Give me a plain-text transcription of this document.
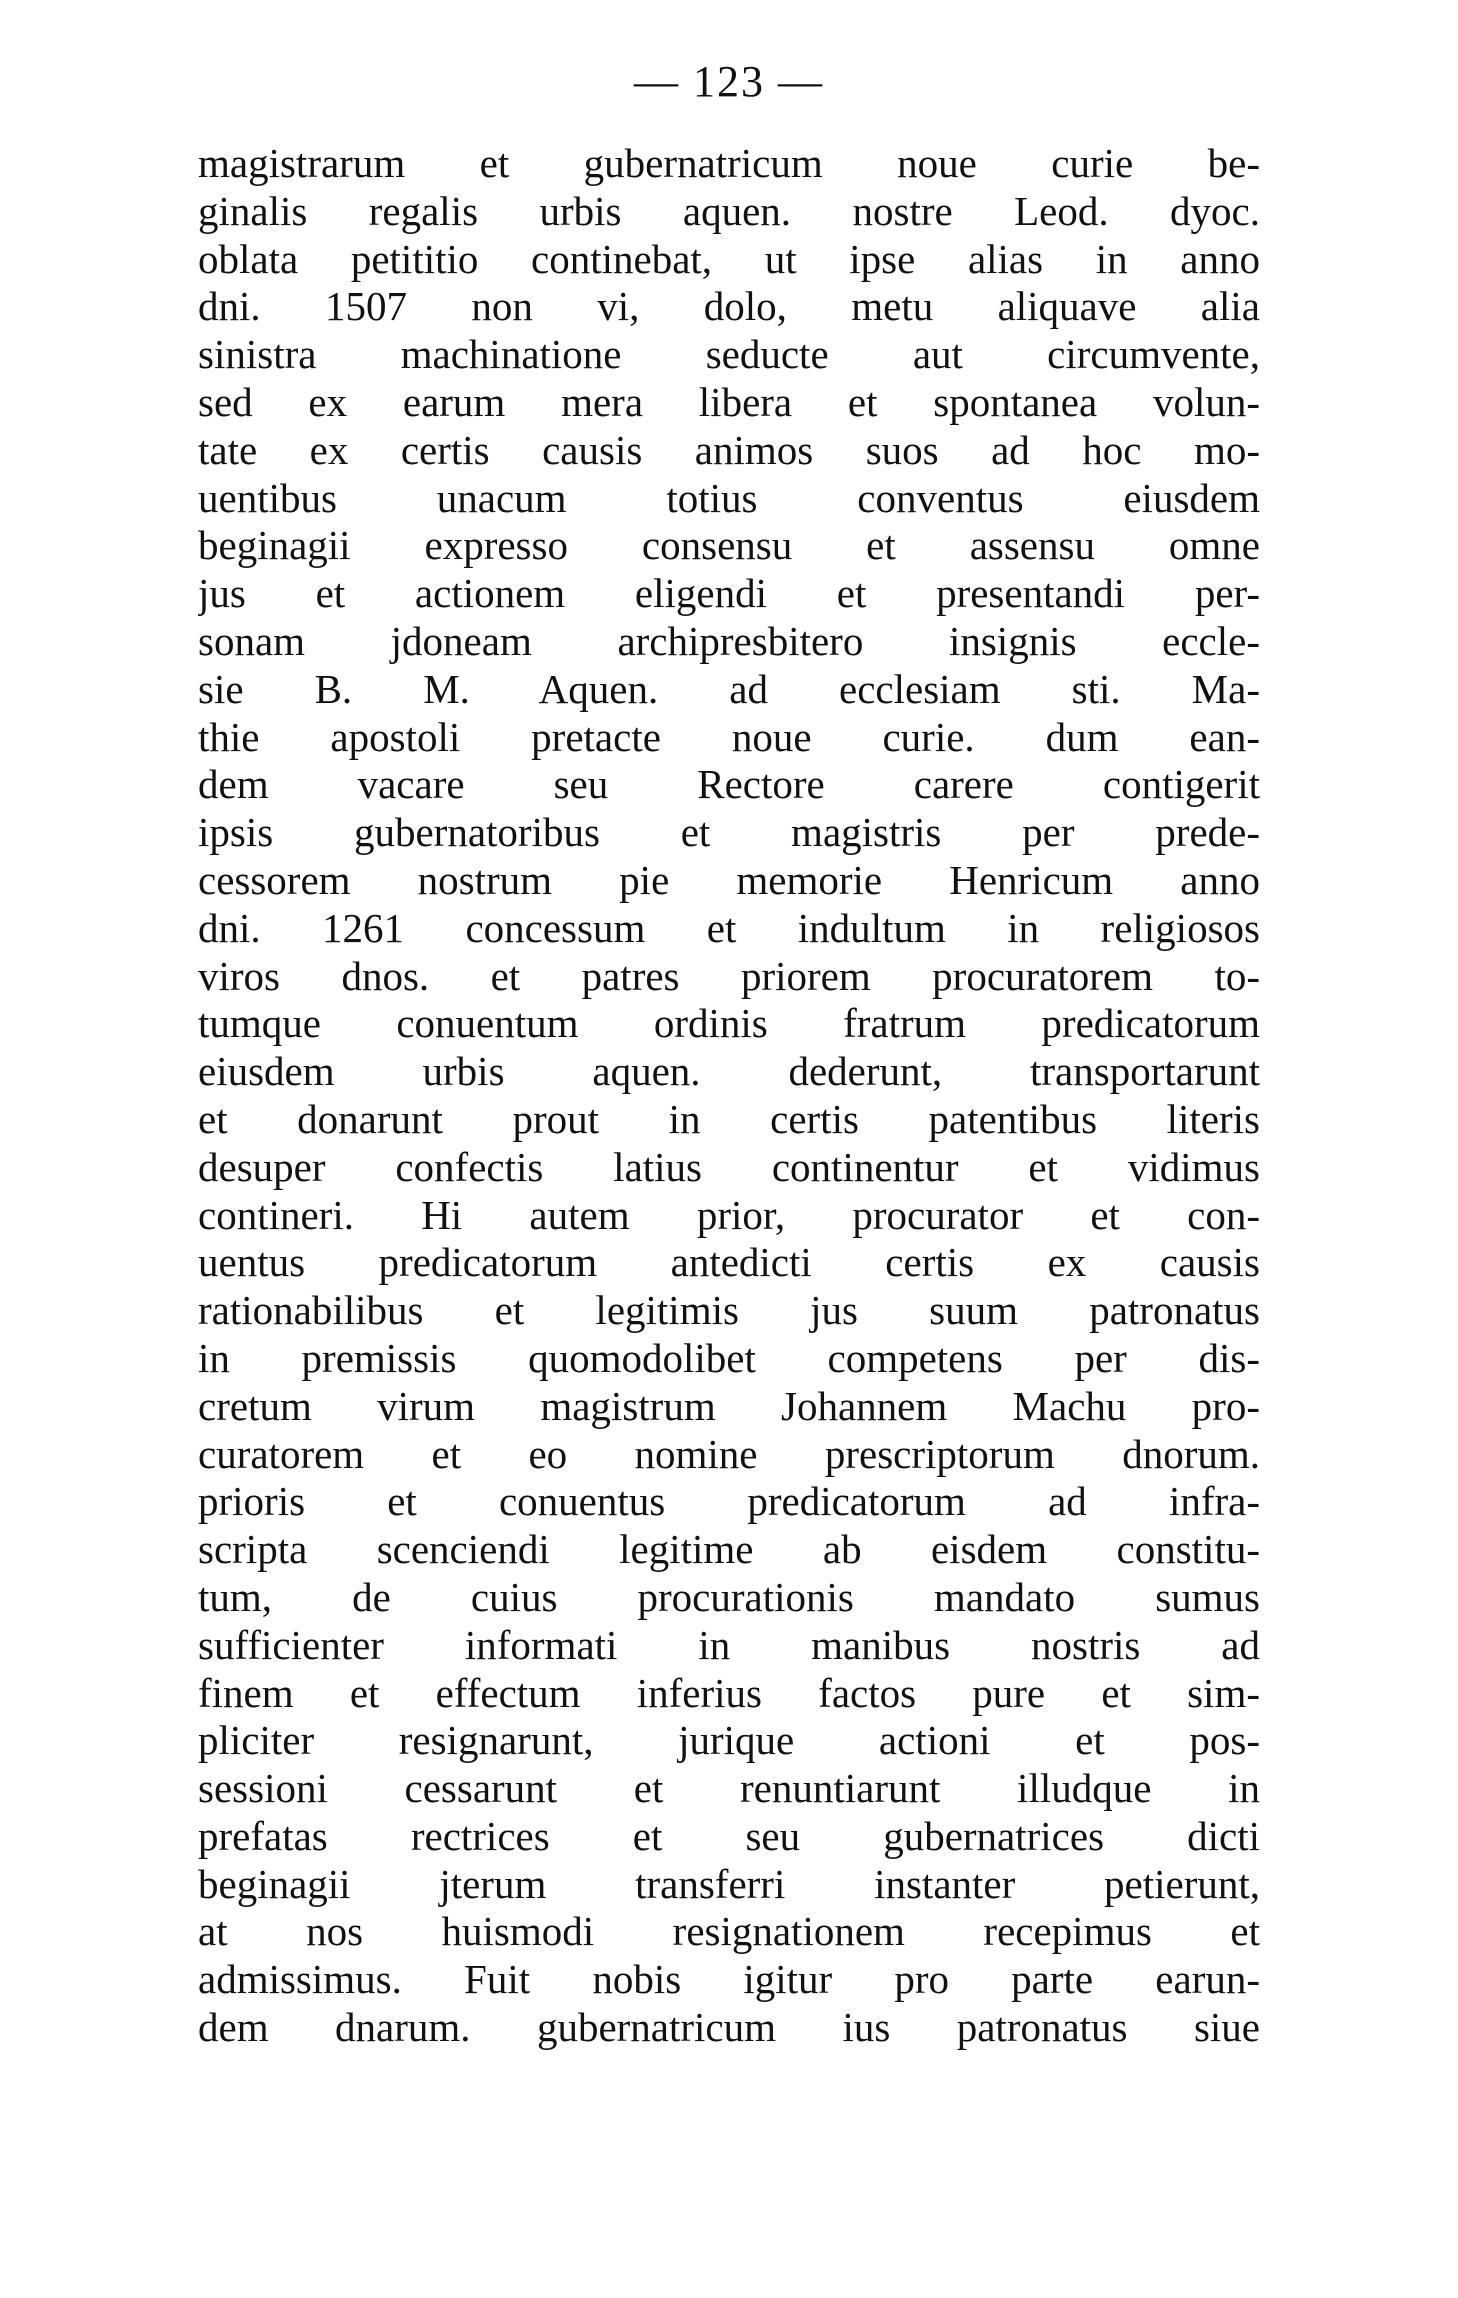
— 123 —
magistrarum et gubernatricum noue curie be-
ginalis regalis urbis aquen. nostre Leod. dyoc.
oblata petititio continebat, ut ipse alias in anno
dni. 1507 non vi, dolo, metu aliquave alia
sinistra machinatione seducte aut circumvente,
sed ex earum mera libera et spontanea volun-
tate ex certis causis animos suos ad hoc mo-
uentibus unacum totius conventus eiusdem
beginagii expresso consensu et assensu omne
jus et actionem eligendi et presentandi per-
sonam jdoneam archipresbitero insignis eccle-
sie B. M. Aquen. ad ecclesiam sti. Ma-
thie apostoli pretacte noue curie. dum ean-
dem vacare seu Rectore carere contigerit
ipsis gubernatoribus et magistris per prede-
cessorem nostrum pie memorie Henricum anno
dni. 1261 concessum et indultum in religiosos
viros dnos. et patres priorem procuratorem to-
tumque conuentum ordinis fratrum predicatorum
eiusdem urbis aquen. dederunt, transportarunt
et donarunt prout in certis patentibus literis
desuper confectis latius continentur et vidimus
contineri. Hi autem prior, procurator et con-
uentus predicatorum antedicti certis ex causis
rationabilibus et legitimis jus suum patronatus
in premissis quomodolibet competens per dis-
cretum virum magistrum Johannem Machu pro-
curatorem et eo nomine prescriptorum dnorum.
prioris et conuentus predicatorum ad infra-
scripta scenciendi legitime ab eisdem constitu-
tum, de cuius procurationis mandato sumus
sufficienter informati in manibus nostris ad
finem et effectum inferius factos pure et sim-
pliciter resignarunt, jurique actioni et pos-
sessioni cessarunt et renuntiarunt illudque in
prefatas rectrices et seu gubernatrices dicti
beginagii jterum transferri instanter petierunt,
at nos huismodi resignationem recepimus et
admissimus. Fuit nobis igitur pro parte earun-
dem dnarum. gubernatricum ius patronatus siue
